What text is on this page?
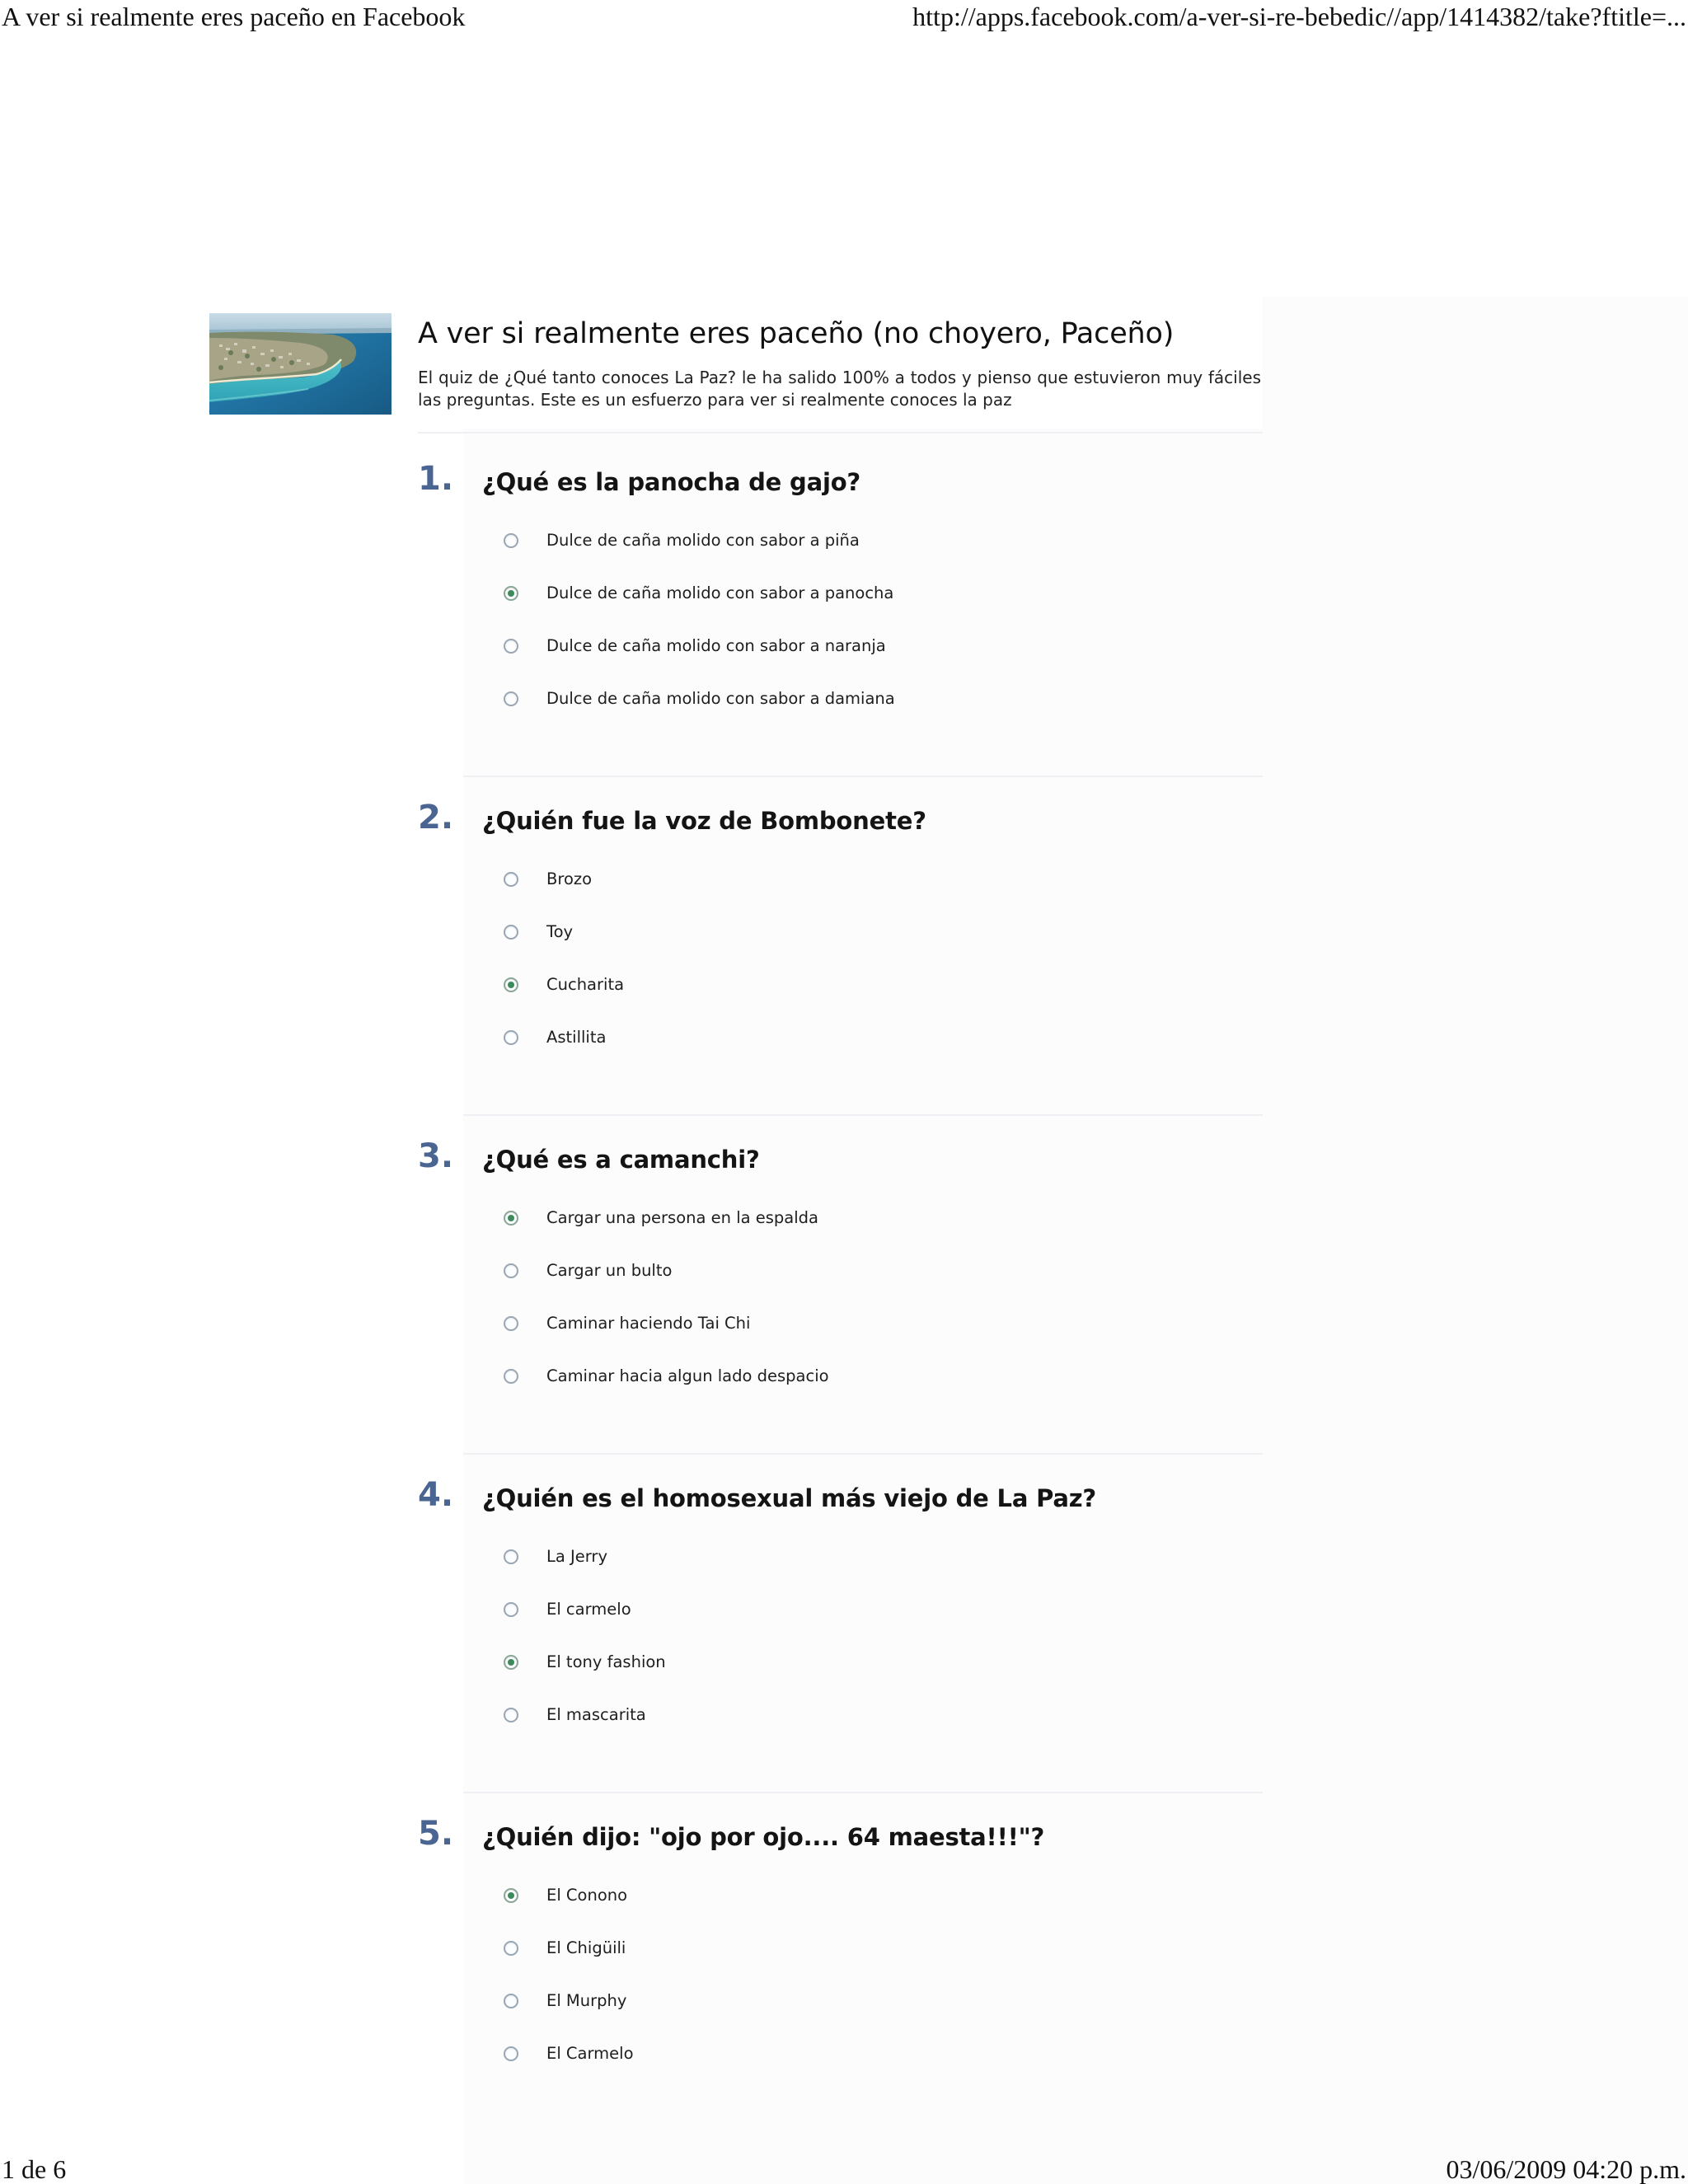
A ver si realmente eres paceño en Facebook	http://apps.facebook.com/a-ver-si-re-bebedic//app/1414382/take?ftitle=...
A ver si realmente eres paceño (no choyero, Paceño)

El quiz de ¿Qué tanto conoces La Paz? le ha salido 100% a todos y pienso que estuvieron muy fáciles las preguntas. Este es un esfuerzo para ver si realmente conoces la paz

1. ¿Qué es la panocha de gajo?
Dulce de caña molido con sabor a piña
Dulce de caña molido con sabor a panocha
Dulce de caña molido con sabor a naranja
Dulce de caña molido con sabor a damiana
2. ¿Quién fue la voz de Bombonete?
Brozo
Toy
Cucharita
Astillita
3. ¿Qué es a camanchi?
Cargar una persona en la espalda
Cargar un bulto
Caminar haciendo Tai Chi
Caminar hacia algun lado despacio
4. ¿Quién es el homosexual más viejo de La Paz?
La Jerry
El carmelo
El tony fashion
El mascarita
5. ¿Quién dijo: "ojo por ojo.... 64 maesta!!!"?
El Conono
El Chigüili
El Murphy
El Carmelo
1 de 6	03/06/2009 04:20 p.m.
